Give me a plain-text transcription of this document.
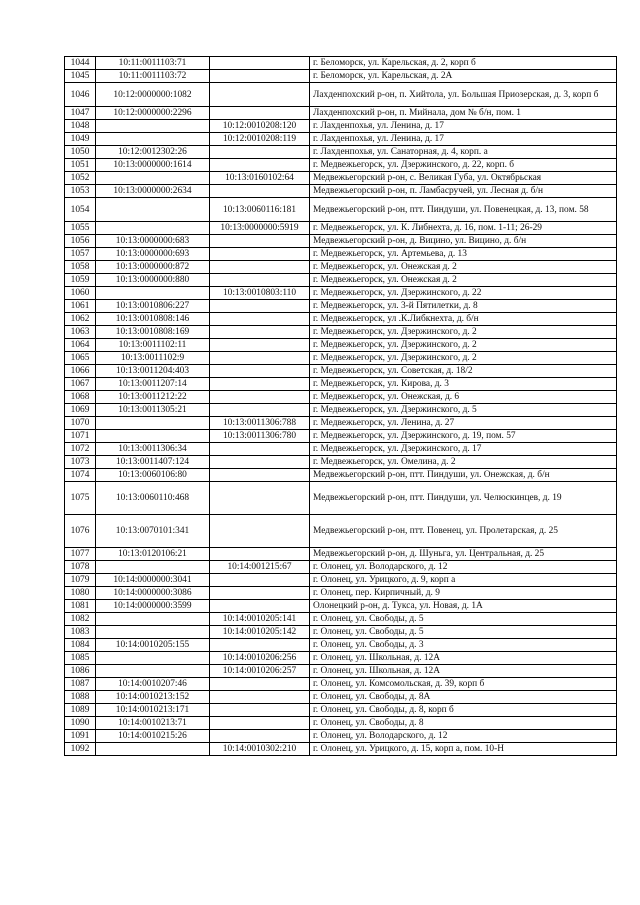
1044	10:11:0011103:71		г. Беломорск, ул. Карельская, д. 2, корп б
1045	10:11:0011103:72		г. Беломорск, ул. Карельская, д. 2А
1046	10:12:0000000:1082		Лахденпохский р-он, п. Хийтола, ул. Большая Приозерская, д. 3, корп б
1047	10:12:0000000:2296		Лахденпохский р-он, п. Мийнала, дом № б/н, пом. 1
1048		10:12:0010208:120	г. Лахденпохья, ул. Ленина, д. 17
1049		10:12:0010208:119	г. Лахденпохья, ул. Ленина, д. 17
1050	10:12:0012302:26		г. Лахденпохья, ул. Санаторная, д. 4, корп. а
1051	10:13:0000000:1614		г. Медвежьегорск, ул. Дзержинского, д. 22, корп. б
1052		10:13:0160102:64	Медвежьегорский р-он, с. Великая Губа, ул. Октябрьская
1053	10:13:0000000:2634		Медвежьегорский р-он, п. Ламбасручей, ул. Лесная д. б/н
1054		10:13:0060116:181	Медвежьегорский р-он, птт. Пиндуши, ул. Повенецкая, д. 13, пом. 58
1055		10:13:0000000:5919	г. Медвежьегорск, ул. К. Либнехта, д. 16, пом. 1-11; 26-29
1056	10:13:0000000:683		Медвежьегорский р-он, д. Вицино, ул. Вицино, д. б/н
1057	10:13:0000000:693		г. Медвежьегорск, ул. Артемьева, д. 13
1058	10:13:0000000:872		г. Медвежьегорск, ул. Онежская д. 2
1059	10:13:0000000:880		г. Медвежьегорск, ул. Онежская д. 2
1060		10:13:0010803:110	г. Медвежьегорск, ул. Дзержинского, д. 22
1061	10:13:0010806:227		г. Медвежьегорск, ул. 3-й Пятилетки, д. 8
1062	10:13:0010808:146		г. Медвежьегорск, ул .К.Либкнехта, д. б/н
1063	10:13:0010808:169		г. Медвежьегорск, ул. Дзержинского, д. 2
1064	10:13:0011102:11		г. Медвежьегорск, ул. Дзержинского, д. 2
1065	10:13:0011102:9		г. Медвежьегорск, ул. Дзержинского, д. 2
1066	10:13:0011204:403		г. Медвежьегорск, ул. Советская, д. 18/2
1067	10:13:0011207:14		г. Медвежьегорск, ул. Кирова, д. 3
1068	10:13:0011212:22		г. Медвежьегорск, ул. Онежская, д. 6
1069	10:13:0011305:21		г. Медвежьегорск, ул. Дзержинского, д. 5
1070		10:13:0011306:788	г. Медвежьегорск, ул. Ленина, д. 27
1071		10:13:0011306:780	г. Медвежьегорск, ул. Дзержинского, д. 19, пом. 57
1072	10:13:0011306:34		г. Медвежьегорск, ул. Дзержинского, д. 17
1073	10:13:0011407:124		г. Медвежьегорск, ул. Омелина, д. 2
1074	10:13:0060106:80		Медвежьегорский р-он, птт. Пиндуши, ул. Онежская, д. б/н
1075	10:13:0060110:468		Медвежьегорский р-он, птт. Пиндуши, ул. Челюскинцев, д. 19
1076	10:13:0070101:341		Медвежьегорский р-он, птт. Повенец, ул. Пролетарская, д. 25
1077	10:13:0120106:21		Медвежьегорский р-он, д. Шуньга, ул. Центральная, д. 25
1078		10:14:001215:67	г. Олонец, ул. Володарского, д. 12
1079	10:14:0000000:3041		г. Олонец, ул. Урицкого, д. 9, корп а
1080	10:14:0000000:3086		г. Олонец, пер. Кирпичный, д. 9
1081	10:14:0000000:3599		Олонецкий р-он, д. Тукса, ул. Новая, д. 1А
1082		10:14:0010205:141	г. Олонец, ул. Свободы, д. 5
1083		10:14:0010205:142	г. Олонец, ул. Свободы, д. 5
1084	10:14:0010205:155		г. Олонец, ул. Свободы, д. 3
1085		10:14:0010206:256	г. Олонец, ул. Школьная, д. 12А
1086		10:14:0010206:257	г. Олонец, ул. Школьная, д. 12А
1087	10:14:0010207:46		г. Олонец, ул. Комсомольская, д. 39, корп б
1088	10:14:0010213:152		г. Олонец, ул. Свободы, д. 8А
1089	10:14:0010213:171		г. Олонец, ул. Свободы, д. 8, корп б
1090	10:14:0010213:71		г. Олонец, ул. Свободы, д. 8
1091	10:14:0010215:26		г. Олонец, ул. Володарского, д. 12
1092		10:14:0010302:210	г. Олонец, ул. Урицкого, д. 15, корп а, пом. 10-Н
